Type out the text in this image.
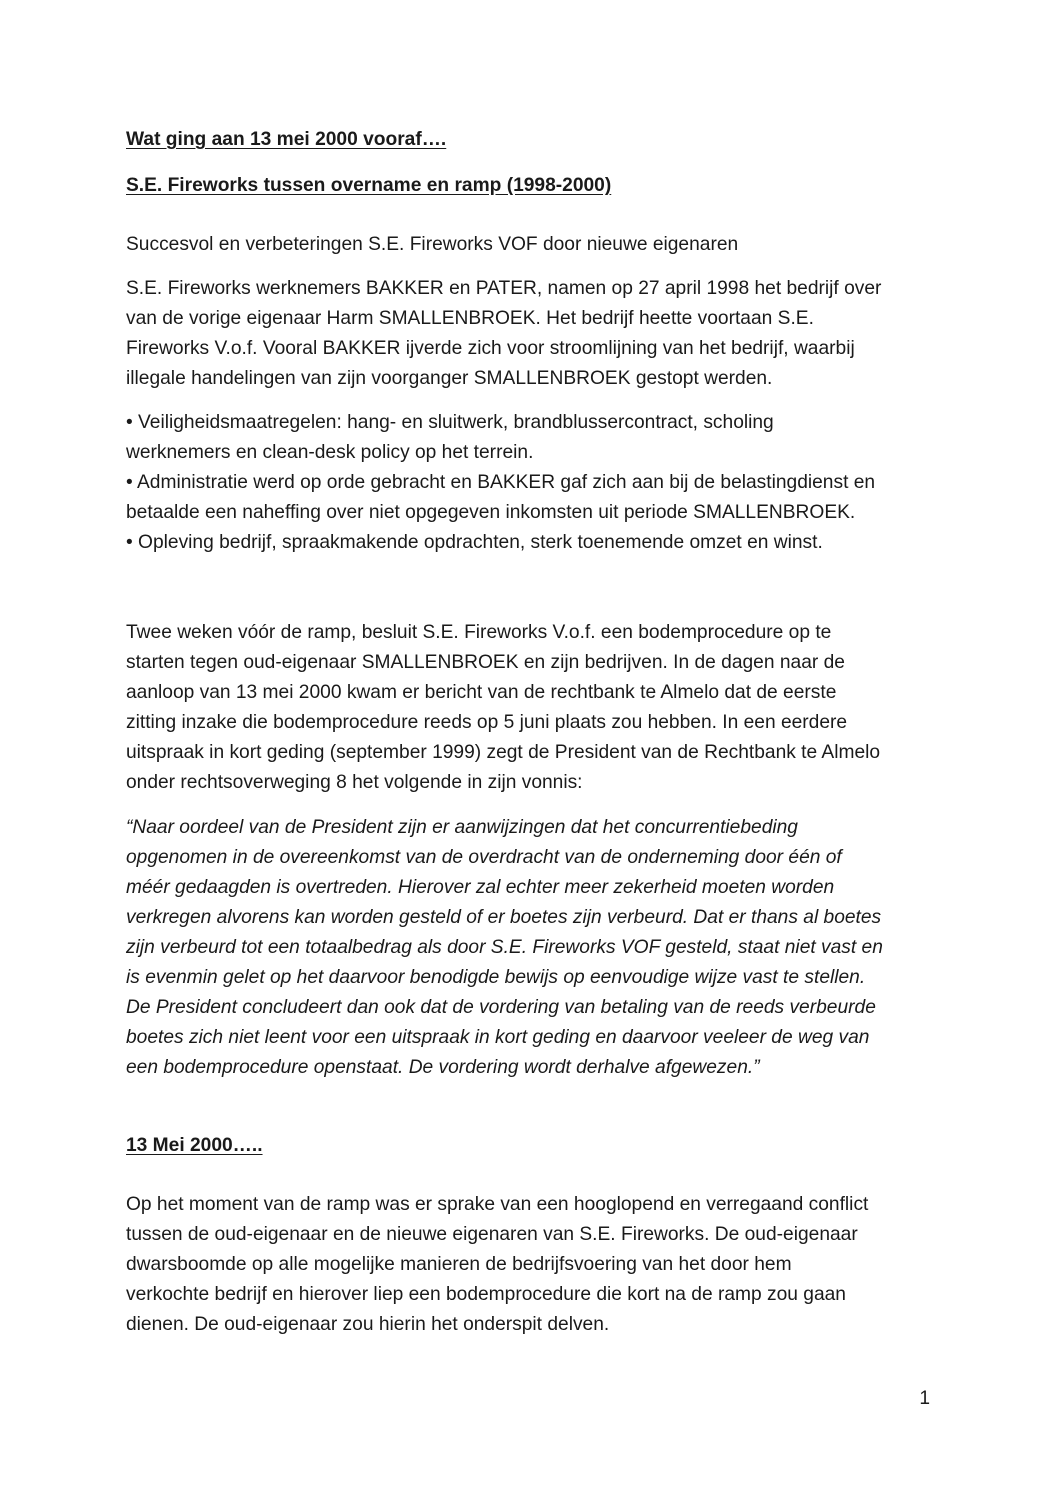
Wat ging aan 13 mei 2000 vooraf….
S.E. Fireworks tussen overname en ramp (1998-2000)
Succesvol en verbeteringen S.E. Fireworks VOF door nieuwe eigenaren
S.E. Fireworks werknemers BAKKER en PATER, namen op 27 april 1998 het bedrijf over
van de vorige eigenaar Harm SMALLENBROEK. Het bedrijf heette voortaan S.E.
Fireworks V.o.f. Vooral BAKKER ijverde zich voor stroomlijning van het bedrijf, waarbij
illegale handelingen van zijn voorganger SMALLENBROEK gestopt werden.
• Veiligheidsmaatregelen: hang- en sluitwerk, brandblussercontract, scholing
werknemers en clean-desk policy op het terrein.
• Administratie werd op orde gebracht en BAKKER gaf zich aan bij de belastingdienst en
betaalde een naheffing over niet opgegeven inkomsten uit periode SMALLENBROEK.
• Opleving bedrijf, spraakmakende opdrachten, sterk toenemende omzet en winst.
Twee weken vóór de ramp, besluit S.E. Fireworks V.o.f. een bodemprocedure op te
starten tegen oud-eigenaar SMALLENBROEK en zijn bedrijven. In de dagen naar de
aanloop van 13 mei 2000 kwam er bericht van de rechtbank te Almelo dat de eerste
zitting inzake die bodemprocedure reeds op 5 juni plaats zou hebben. In een eerdere
uitspraak in kort geding (september 1999) zegt de President van de Rechtbank te Almelo
onder rechtsoverweging 8 het volgende in zijn vonnis:
“Naar oordeel van de President zijn er aanwijzingen dat het concurrentiebeding
opgenomen in de overeenkomst van de overdracht van de onderneming door één of
méér gedaagden is overtreden. Hierover zal echter meer zekerheid moeten worden
verkregen alvorens kan worden gesteld of er boetes zijn verbeurd. Dat er thans al boetes
zijn verbeurd tot een totaalbedrag als door S.E. Fireworks VOF gesteld, staat niet vast en
is evenmin gelet op het daarvoor benodigde bewijs op eenvoudige wijze vast te stellen.
De President concludeert dan ook dat de vordering van betaling van de reeds verbeurde
boetes zich niet leent voor een uitspraak in kort geding en daarvoor veeleer de weg van
een bodemprocedure openstaat. De vordering wordt derhalve afgewezen.”
13 Mei 2000…..
Op het moment van de ramp was er sprake van een hooglopend en verregaand conflict
tussen de oud-eigenaar en de nieuwe eigenaren van S.E. Fireworks. De oud-eigenaar
dwarsboomde op alle mogelijke manieren de bedrijfsvoering van het door hem
verkochte bedrijf en hierover liep een bodemprocedure die kort na de ramp zou gaan
dienen. De oud-eigenaar zou hierin het onderspit delven.
1
